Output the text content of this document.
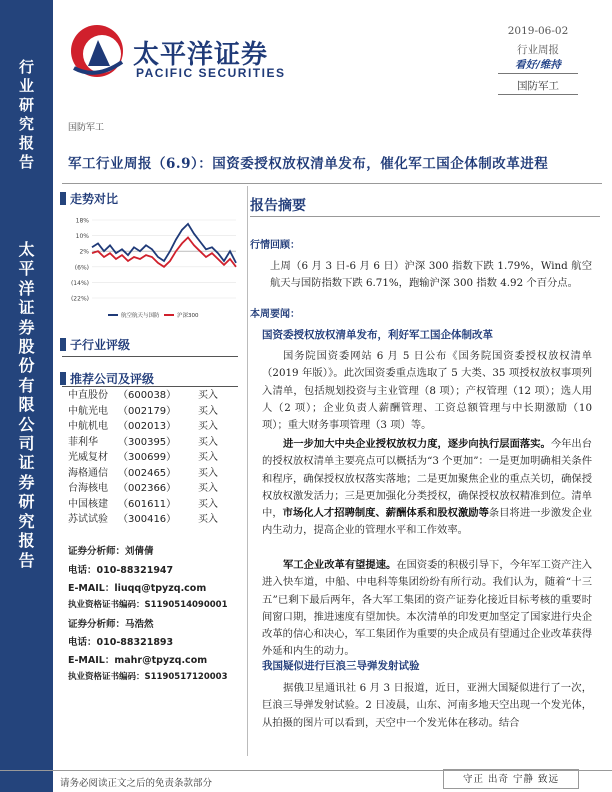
行
业
研
究
报
告
太
平
洋
证
券
股
份
有
限
公
司
证
券
研
究
报
告
太平洋证券
PACIFIC SECURITIES
2019-06-02
行业周报
看好/维持
国防军工
国防军工
军工行业周报（6.9）：国资委授权放权清单发布，催化军工国企体制改革进程
走势对比
18%
10%
2%
(6%)
(14%)
(22%)
航空航天与国防	沪深300
子行业评级
推荐公司及评级
中直股份	（600038）	买入
中航光电	（002179）	买入
中航机电	（002013）	买入
菲利华	（300395）	买入
光威复材	（300699）	买入
海格通信	（002465）	买入
台海核电	（002366）	买入
中国核建	（601611）	买入
苏试试验	（300416）	买入
证券分析师：刘倩倩
电话：010-88321947
E-MAIL：liuqq@tpyzq.com
执业资格证书编码：S1190514090001
证券分析师：马浩然
电话：010-88321893
E-MAIL：mahr@tpyzq.com
执业资格证书编码：S1190517120003
报告摘要
行情回顾：
上周（6 月 3 日-6 月 6 日）沪深 300 指数下跌 1.79%，Wind 航空航天与国防指数下跌 6.71%，跑输沪深 300 指数 4.92 个百分点。
本周要闻：
国资委授权放权清单发布，利好军工国企体制改革
国务院国资委网站 6 月 5 日公布《国务院国资委授权放权清单（2019 年版）》。此次国资委重点选取了 5 大类、35 项授权放权事项列入清单，包括规划投资与主业管理（8 项）；产权管理（12 项）；选人用人（2 项）；企业负责人薪酬管理、工资总额管理与中长期激励（10 项）；重大财务事项管理（3 项）等。
进一步加大中央企业授权放权力度，逐步向执行层面落实。今年出台的授权放权清单主要亮点可以概括为“3 个更加”：一是更加明确相关条件和程序，确保授权放权落实落地；二是更加聚焦企业的重点关切，确保授权放权激发活力；三是更加强化分类授权，确保授权放权精准到位。清单中，市场化人才招聘制度、薪酬体系和股权激励等条目将进一步激发企业内生动力，提高企业的管理水平和工作效率。
军工企业改革有望提速。在国资委的积极引导下，今年军工资产注入进入快车道，中船、中电科等集团纷纷有所行动。我们认为，随着“十三五”已剩下最后两年，各大军工集团的资产证券化接近目标考核的重要时间窗口期，推进速度有望加快。本次清单的印发更加坚定了国家进行央企改革的信心和决心，军工集团作为重要的央企成员有望通过企业改革获得外延和内生的动力。
我国疑似进行巨浪三导弹发射试验
据俄卫星通讯社 6 月 3 日报道，近日，亚洲大国疑似进行了一次，巨浪三导弹发射试验。2 日凌晨，山东、河南多地天空出现一个发光体，从拍摄的图片可以看到，天空中一个发光体在移动。结合
请务必阅读正文之后的免责条款部分	守正 出奇 宁静 致远
